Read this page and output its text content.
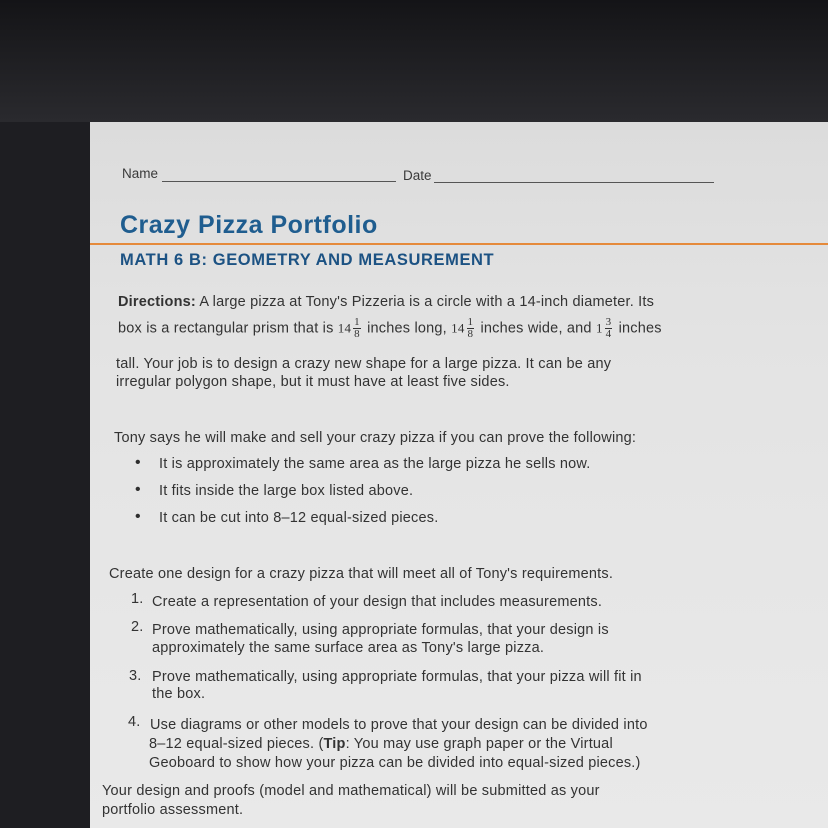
Name	Date
Crazy Pizza Portfolio
MATH 6 B: GEOMETRY AND MEASUREMENT
Directions: A large pizza at Tony's Pizzeria is a circle with a 14-inch diameter. Its
box is a rectangular prism that is $14 \frac{1}{8}$ inches long, $14 \frac{1}{8}$ inches wide, and $1 \frac{3}{4}$ inches
tall. Your job is to design a crazy new shape for a large pizza. It can be any
irregular polygon shape, but it must have at least five sides.
Tony says he will make and sell your crazy pizza if you can prove the following:
• It is approximately the same area as the large pizza he sells now.
• It fits inside the large box listed above.
• It can be cut into 8–12 equal-sized pieces.
Create one design for a crazy pizza that will meet all of Tony's requirements.
1. Create a representation of your design that includes measurements.
2. Prove mathematically, using appropriate formulas, that your design is
approximately the same surface area as Tony's large pizza.
3. Prove mathematically, using appropriate formulas, that your pizza will fit in
the box.
4. Use diagrams or other models to prove that your design can be divided into
8–12 equal-sized pieces. (Tip: You may use graph paper or the Virtual
Geoboard to show how your pizza can be divided into equal-sized pieces.)
Your design and proofs (model and mathematical) will be submitted as your
portfolio assessment.
